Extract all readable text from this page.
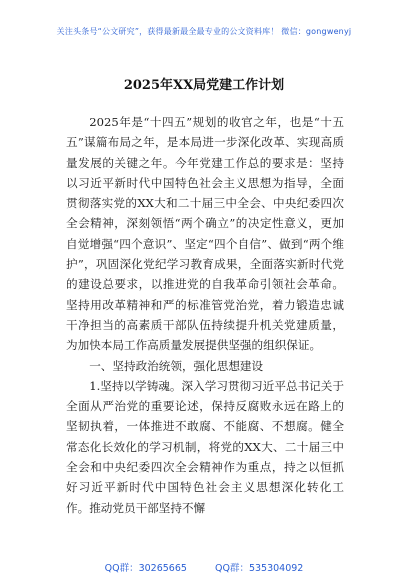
关注头条号“公文研究”，获得最新最全最专业的公文资料库！ 微信：gongwenyj
2025年XX局党建工作计划

2025年是“十四五”规划的收官之年，也是“十五五”谋篇布局之年，是本局进一步深化改革、实现高质量发展的关键之年。今年党建工作总的要求是：坚持以习近平新时代中国特色社会主义思想为指导，全面贯彻落实党的XX大和二十届三中全会、中央纪委四次全会精神，深刻领悟“两个确立”的决定性意义，更加自觉增强“四个意识”、坚定“四个自信”、做到“两个维护”，巩固深化党纪学习教育成果，全面落实新时代党的建设总要求，以推进党的自我革命引领社会革命。坚持用改革精神和严的标准管党治党，着力锻造忠诚干净担当的高素质干部队伍持续提升机关党建质量，为加快本局工作高质量发展提供坚强的组织保证。

一、坚持政治统领，强化思想建设

1.坚持以学铸魂。深入学习贯彻习近平总书记关于全面从严治党的重要论述，保持反腐败永远在路上的坚韧执着，一体推进不敢腐、不能腐、不想腐。健全常态化长效化的学习机制，将党的XX大、二十届三中全会和中央纪委四次全会精神作为重点，持之以恒抓好习近平新时代中国特色社会主义思想深化转化工作。推动党员干部坚持不懈

QQ群：30265665	QQ群：535304092
